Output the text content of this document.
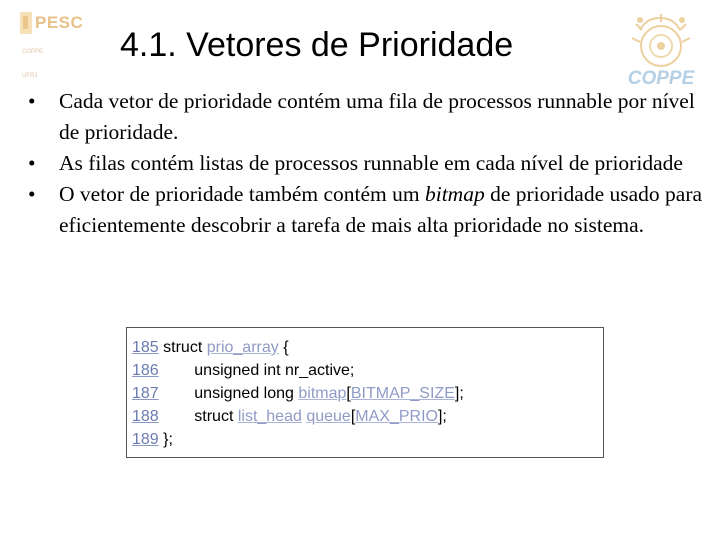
PESC
COPPE
UFRJ	COPPE
4.1. Vetores de Prioridade
•	Cada vetor de prioridade contém uma fila de processos runnable por nível de prioridade.
•	As filas contém listas de processos runnable em cada nível de prioridade
•	O vetor de prioridade também contém um bitmap de prioridade usado para eficientemente descobrir a tarefa de mais alta prioridade no sistema.
185 struct prio_array {
186        unsigned int nr_active;
187        unsigned long bitmap[BITMAP_SIZE];
188        struct list_head queue[MAX_PRIO];
189 };
